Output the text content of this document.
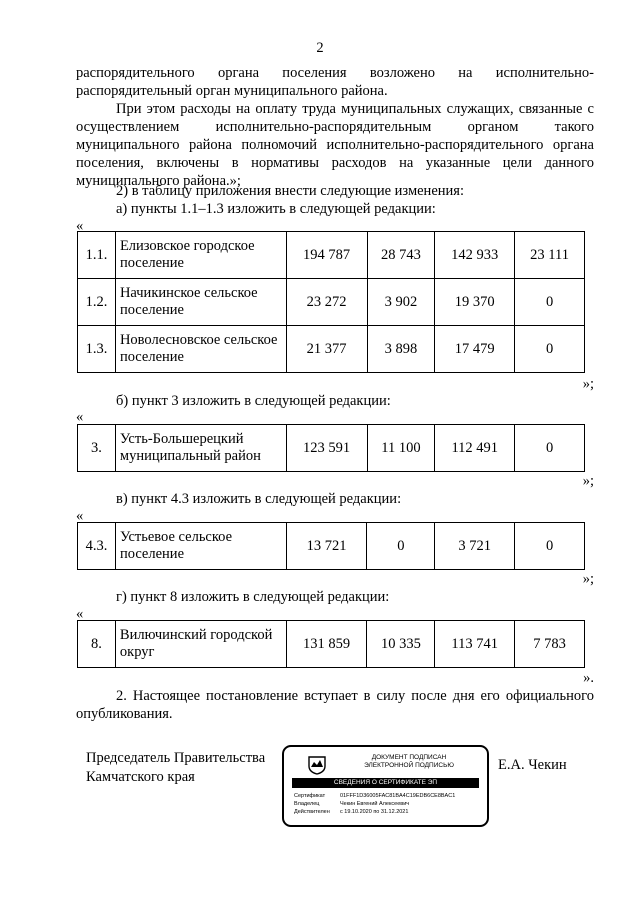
2
распорядительного органа поселения возложено на исполнительно-распорядительный орган муниципального района.
При этом расходы на оплату труда муниципальных служащих, связанные с осуществлением исполнительно-распорядительным органом такого муниципального района полномочий исполнительно-распорядительного органа поселения, включены в нормативы расходов на указанные цели данного муниципального района.»;
2) в таблицу приложения внести следующие изменения:
а) пункты 1.1–1.3 изложить в следующей редакции:
«
1.1.	Елизовское городское поселение	194 787	28 743	142 933	23 111
1.2.	Начикинское сельское поселение	23 272	3 902	19 370	0
1.3.	Новолесновское сельское поселение	21 377	3 898	17 479	0
»;
б) пункт 3 изложить в следующей редакции:
«
3.	Усть-Большерецкий муниципальный район	123 591	11 100	112 491	0
»;
в) пункт 4.3 изложить в следующей редакции:
«
4.3.	Устьевое сельское поселение	13 721	0	3 721	0
»;
г) пункт 8 изложить в следующей редакции:
«
8.	Вилючинский городской округ	131 859	10 335	113 741	7 783
».
2. Настоящее постановление вступает в силу после дня его официального опубликования.
Председатель Правительства
Камчатского края
ДОКУМЕНТ ПОДПИСАН
ЭЛЕКТРОННОЙ ПОДПИСЬЮ
СВЕДЕНИЯ О СЕРТИФИКАТЕ ЭП
Сертификат	01FFF1D36005FAC81BA4C19EDB6CE8BAC1
Владелец	Чекин Евгений Алексеевич
Действителен с 19.10.2020 по 31.12.2021
Е.А. Чекин
